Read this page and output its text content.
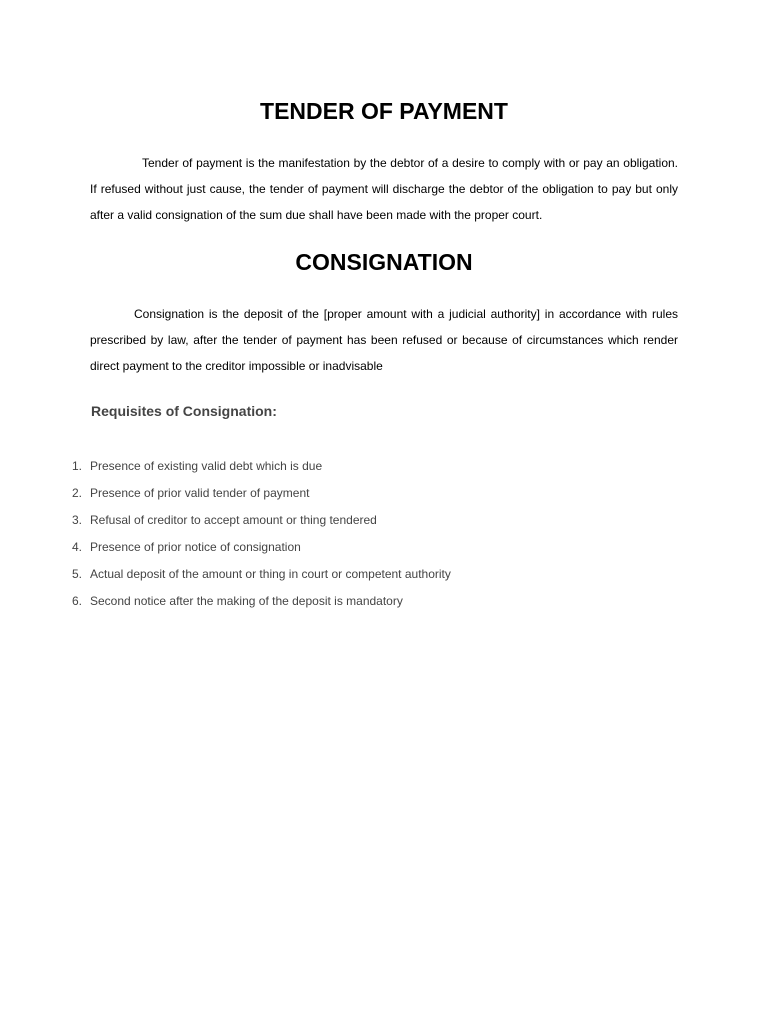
TENDER OF PAYMENT

Tender of payment is the manifestation by the debtor of a desire to comply with or pay an obligation. If refused without just cause, the tender of payment will discharge the debtor of the obligation to pay but only after a valid consignation of the sum due shall have been made with the proper court.

CONSIGNATION

Consignation is the deposit of the [proper amount with a judicial authority] in accordance with rules prescribed by law, after the tender of payment has been refused or because of circumstances which render direct payment to the creditor impossible or inadvisable

Requisites of Consignation:
1. Presence of existing valid debt which is due
2. Presence of prior valid tender of payment
3. Refusal of creditor to accept amount or thing tendered
4. Presence of prior notice of consignation
5. Actual deposit of the amount or thing in court or competent authority
6. Second notice after the making of the deposit is mandatory
